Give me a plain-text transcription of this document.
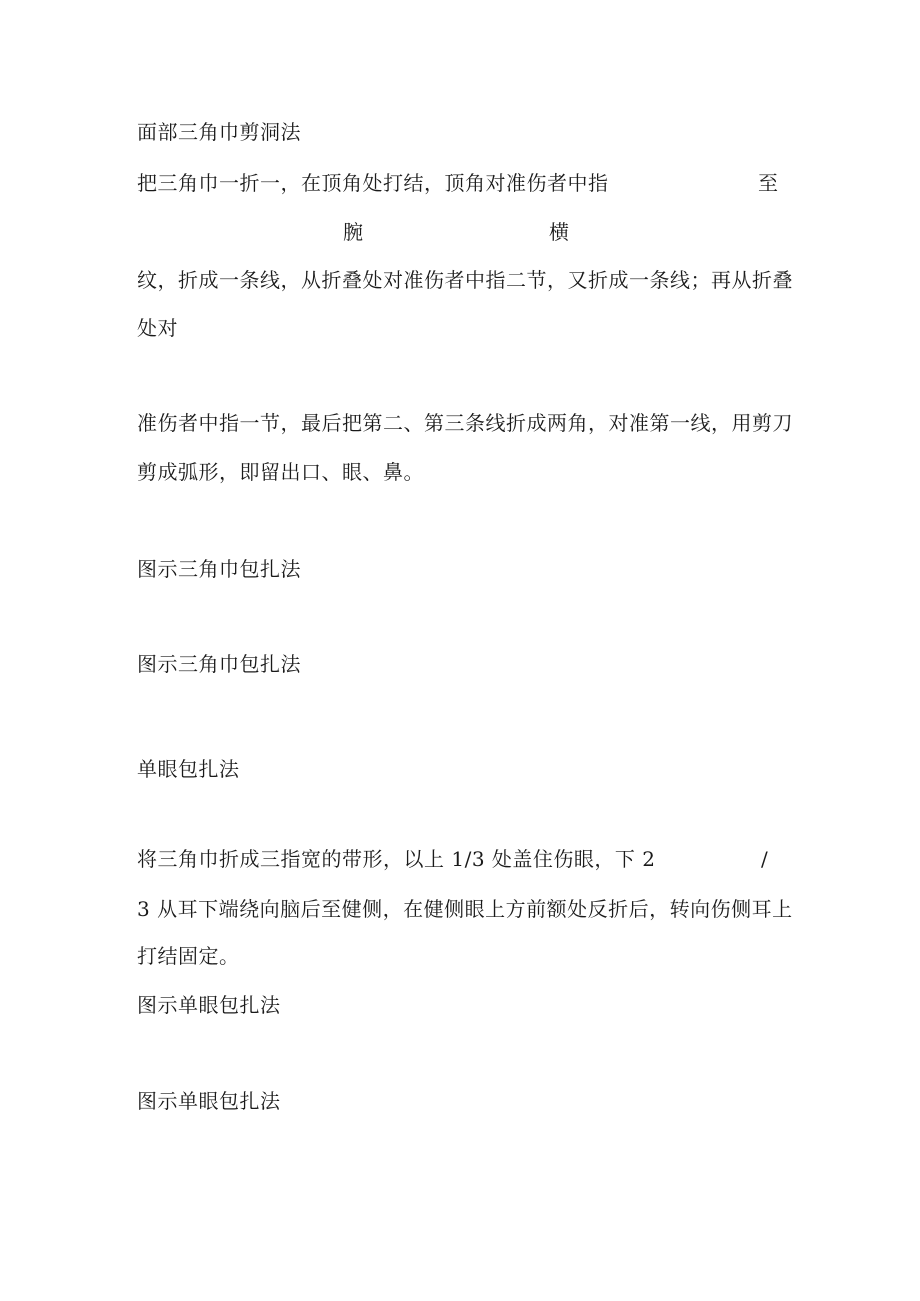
面部三角巾剪洞法
把三角巾一折一，在顶角处打结，顶角对准伤者中指	至
腕	横
纹，折成一条线，从折叠处对准伤者中指二节，又折成一条线；再从折叠
处对
准伤者中指一节，最后把第二、第三条线折成两角，对准第一线，用剪刀
剪成弧形，即留出口、眼、鼻。
图示三角巾包扎法
图示三角巾包扎法
单眼包扎法
将三角巾折成三指宽的带形，以上 1/3 处盖住伤眼，下 2	/
3 从耳下端绕向脑后至健侧，在健侧眼上方前额处反折后，转向伤侧耳上
打结固定。
图示单眼包扎法
图示单眼包扎法
